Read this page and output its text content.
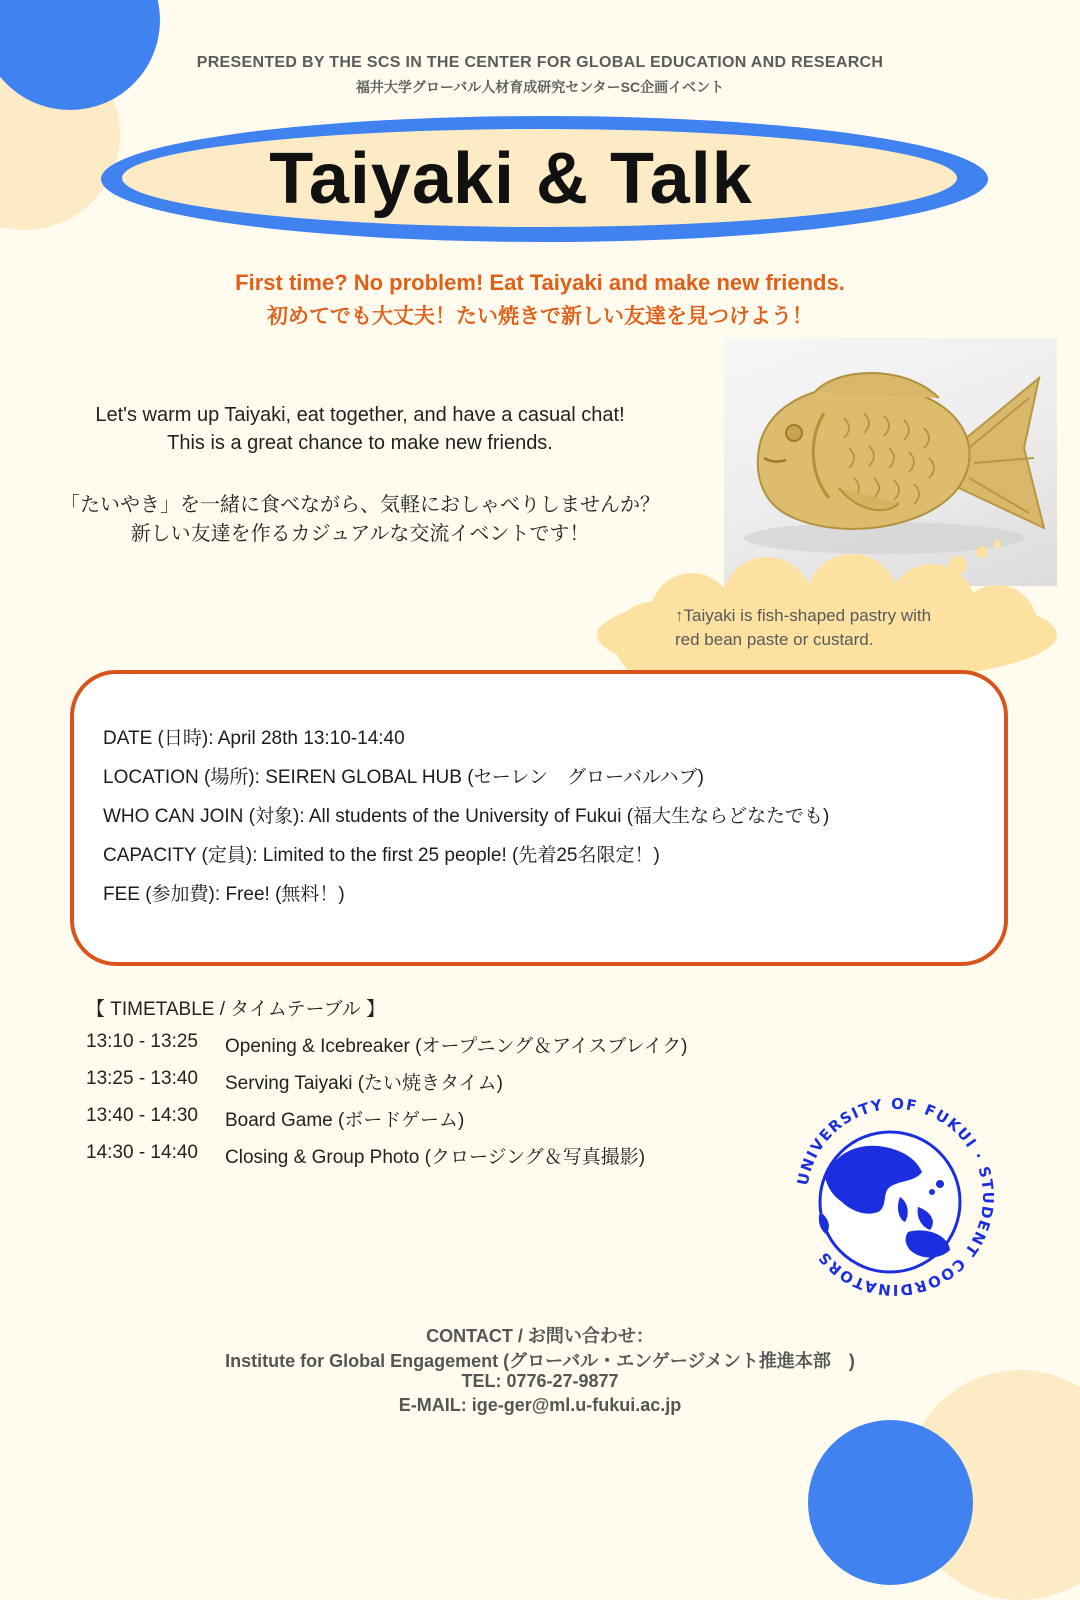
PRESENTED BY THE SCS IN THE CENTER FOR GLOBAL EDUCATION AND RESEARCH
福井大学グローバル人材育成研究センターSC企画イベント
Taiyaki & Talk
First time? No problem! Eat Taiyaki and make new friends.
初めてでも大丈夫！たい焼きで新しい友達を見つけよう！
Let's warm up Taiyaki, eat together, and have a casual chat!
This is a great chance to make new friends.
「たいやき」を一緒に食べながら、気軽におしゃべりしませんか？
新しい友達を作るカジュアルな交流イベントです！
↑Taiyaki is fish-shaped pastry with
red bean paste or custard.
DATE (日時): April 28th 13:10-14:40
LOCATION (場所): SEIREN GLOBAL HUB (セーレン　グローバルハブ)
WHO CAN JOIN (対象): All students of the University of Fukui (福大生ならどなたでも)
CAPACITY (定員): Limited to the first 25 people! (先着25名限定！)
FEE (参加費): Free! (無料！)
【 TIMETABLE / タイムテーブル 】
13:10 - 13:25	Opening & Icebreaker (オープニング＆アイスブレイク)
13:25 - 13:40	Serving Taiyaki (たい焼きタイム)
13:40 - 14:30	Board Game (ボードゲーム)
14:30 - 14:40	Closing & Group Photo (クロージング＆写真撮影)
UNIVERSITY OF FUKUI · STUDENT COORDINATORS
CONTACT / お問い合わせ：
Institute for Global Engagement (グローバル・エンゲージメント推進本部　)
TEL: 0776-27-9877
E-MAIL: ige-ger@ml.u-fukui.ac.jp
